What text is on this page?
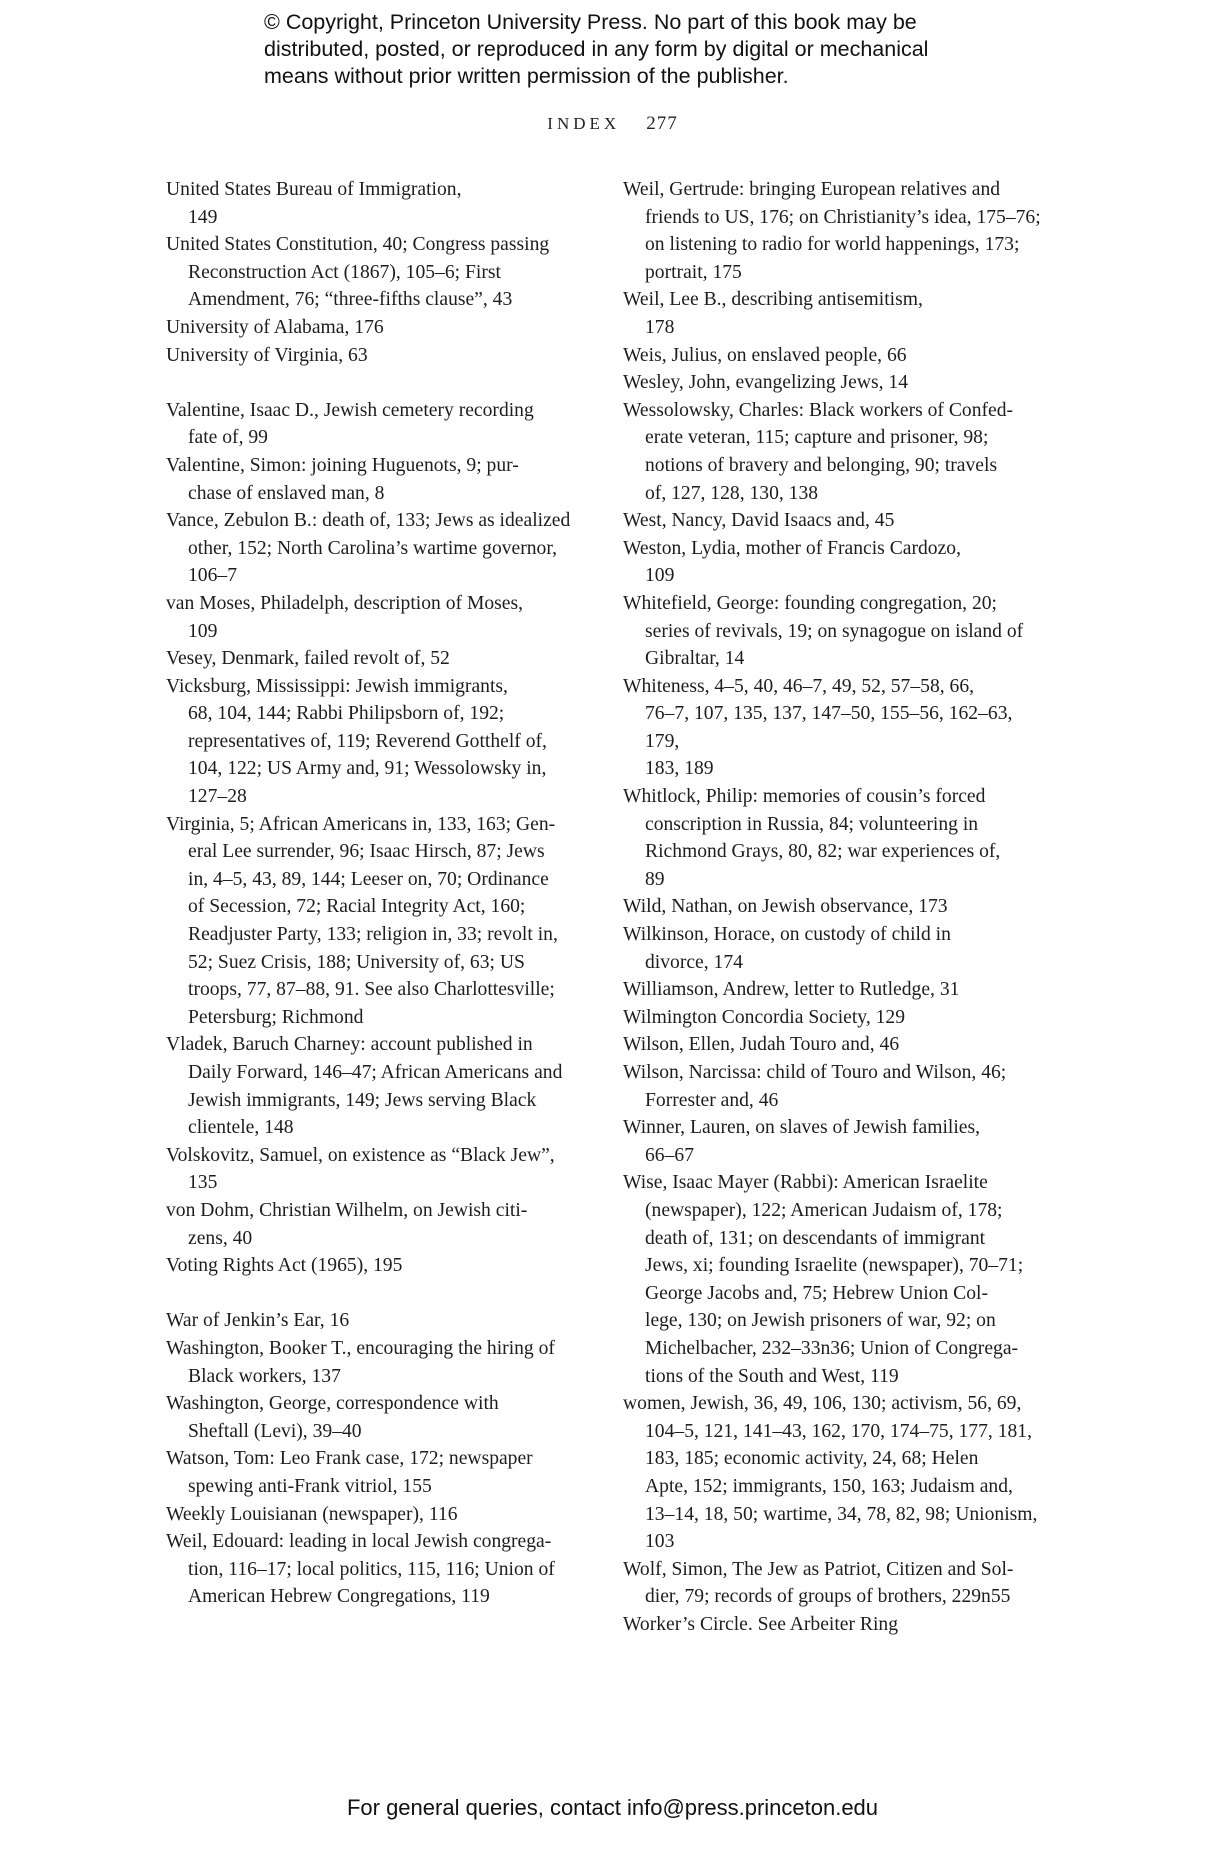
© Copyright, Princeton University Press. No part of this book may be
distributed, posted, or reproduced in any form by digital or mechanical
means without prior written permission of the publisher.
INDEX 277
United States Bureau of Immigration,
149
United States Constitution, 40; Congress passing
Reconstruction Act (1867), 105–6; First
Amendment, 76; “three-fifths clause”, 43
University of Alabama, 176
University of Virginia, 63
Valentine, Isaac D., Jewish cemetery recording
fate of, 99
Valentine, Simon: joining Huguenots, 9; pur-
chase of enslaved man, 8
Vance, Zebulon B.: death of, 133; Jews as idealized
other, 152; North Carolina’s wartime governor,
106–7
van Moses, Philadelph, description of Moses,
109
Vesey, Denmark, failed revolt of, 52
Vicksburg, Mississippi: Jewish immigrants,
68, 104, 144; Rabbi Philipsborn of, 192;
representatives of, 119; Reverend Gotthelf of,
104, 122; US Army and, 91; Wessolowsky in,
127–28
Virginia, 5; African Americans in, 133, 163; Gen-
eral Lee surrender, 96; Isaac Hirsch, 87; Jews
in, 4–5, 43, 89, 144; Leeser on, 70; Ordinance
of Secession, 72; Racial Integrity Act, 160;
Readjuster Party, 133; religion in, 33; revolt in,
52; Suez Crisis, 188; University of, 63; US
troops, 77, 87–88, 91. See also Charlottesville;
Petersburg; Richmond
Vladek, Baruch Charney: account published in
Daily Forward, 146–47; African Americans and
Jewish immigrants, 149; Jews serving Black
clientele, 148
Volskovitz, Samuel, on existence as “Black Jew”,
135
von Dohm, Christian Wilhelm, on Jewish citi-
zens, 40
Voting Rights Act (1965), 195
War of Jenkin’s Ear, 16
Washington, Booker T., encouraging the hiring of
Black workers, 137
Washington, George, correspondence with
Sheftall (Levi), 39–40
Watson, Tom: Leo Frank case, 172; newspaper
spewing anti-Frank vitriol, 155
Weekly Louisianan (newspaper), 116
Weil, Edouard: leading in local Jewish congrega-
tion, 116–17; local politics, 115, 116; Union of
American Hebrew Congregations, 119
Weil, Gertrude: bringing European relatives and
friends to US, 176; on Christianity’s idea, 175–76;
on listening to radio for world happenings, 173;
portrait, 175
Weil, Lee B., describing antisemitism,
178
Weis, Julius, on enslaved people, 66
Wesley, John, evangelizing Jews, 14
Wessolowsky, Charles: Black workers of Confed-
erate veteran, 115; capture and prisoner, 98;
notions of bravery and belonging, 90; travels
of, 127, 128, 130, 138
West, Nancy, David Isaacs and, 45
Weston, Lydia, mother of Francis Cardozo,
109
Whitefield, George: founding congregation, 20;
series of revivals, 19; on synagogue on island of
Gibraltar, 14
Whiteness, 4–5, 40, 46–7, 49, 52, 57–58, 66,
76–7, 107, 135, 137, 147–50, 155–56, 162–63, 179,
183, 189
Whitlock, Philip: memories of cousin’s forced
conscription in Russia, 84; volunteering in
Richmond Grays, 80, 82; war experiences of,
89
Wild, Nathan, on Jewish observance, 173
Wilkinson, Horace, on custody of child in
divorce, 174
Williamson, Andrew, letter to Rutledge, 31
Wilmington Concordia Society, 129
Wilson, Ellen, Judah Touro and, 46
Wilson, Narcissa: child of Touro and Wilson, 46;
Forrester and, 46
Winner, Lauren, on slaves of Jewish families,
66–67
Wise, Isaac Mayer (Rabbi): American Israelite
(newspaper), 122; American Judaism of, 178;
death of, 131; on descendants of immigrant
Jews, xi; founding Israelite (newspaper), 70–71;
George Jacobs and, 75; Hebrew Union Col-
lege, 130; on Jewish prisoners of war, 92; on
Michelbacher, 232–33n36; Union of Congrega-
tions of the South and West, 119
women, Jewish, 36, 49, 106, 130; activism, 56, 69,
104–5, 121, 141–43, 162, 170, 174–75, 177, 181,
183, 185; economic activity, 24, 68; Helen
Apte, 152; immigrants, 150, 163; Judaism and,
13–14, 18, 50; wartime, 34, 78, 82, 98; Unionism,
103
Wolf, Simon, The Jew as Patriot, Citizen and Sol-
dier, 79; records of groups of brothers, 229n55
Worker’s Circle. See Arbeiter Ring
For general queries, contact info@press.princeton.edu
